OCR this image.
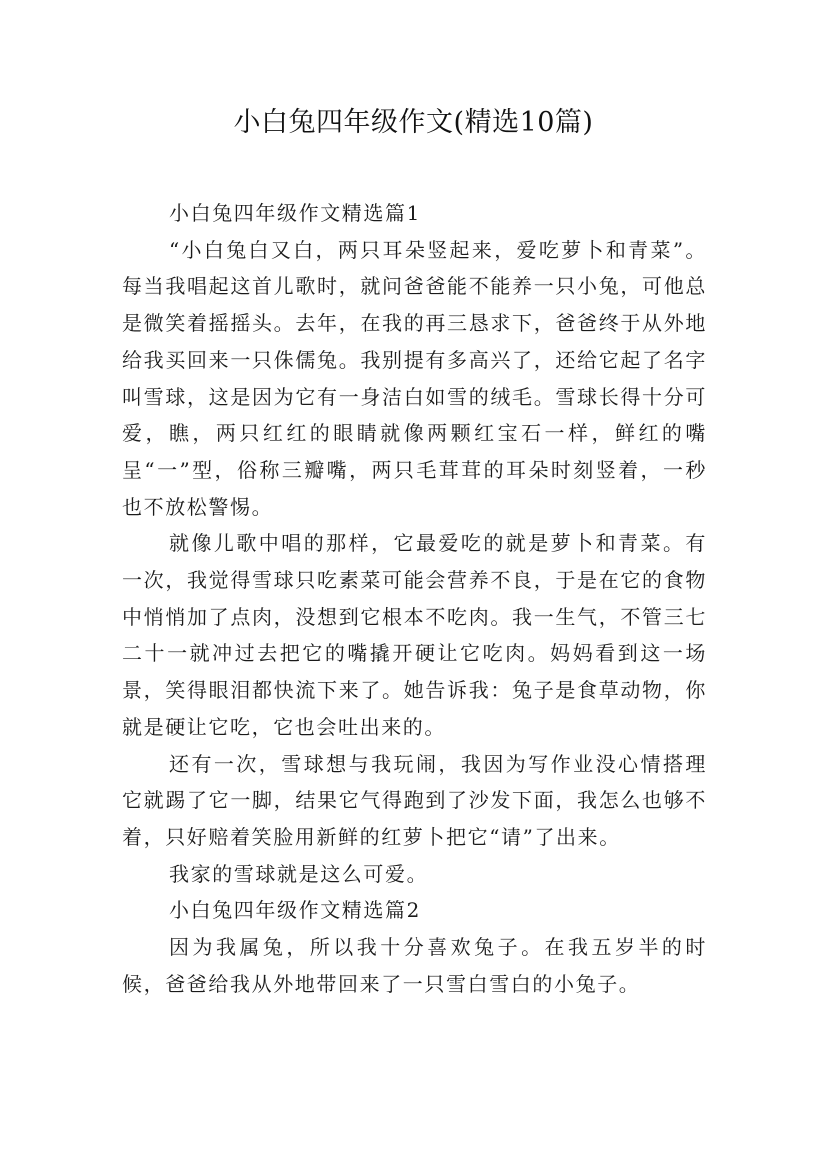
小白兔四年级作文(精选10篇)

小白兔四年级作文精选篇1

“小白兔白又白，两只耳朵竖起来，爱吃萝卜和青菜”。每当我唱起这首儿歌时，就问爸爸能不能养一只小兔，可他总是微笑着摇摇头。去年，在我的再三恳求下，爸爸终于从外地给我买回来一只侏儒兔。我别提有多高兴了，还给它起了名字叫雪球，这是因为它有一身洁白如雪的绒毛。雪球长得十分可爱，瞧，两只红红的眼睛就像两颗红宝石一样，鲜红的嘴呈“一”型，俗称三瓣嘴，两只毛茸茸的耳朵时刻竖着，一秒也不放松警惕。

就像儿歌中唱的那样，它最爱吃的就是萝卜和青菜。有一次，我觉得雪球只吃素菜可能会营养不良，于是在它的食物中悄悄加了点肉，没想到它根本不吃肉。我一生气，不管三七二十一就冲过去把它的嘴撬开硬让它吃肉。妈妈看到这一场景，笑得眼泪都快流下来了。她告诉我：兔子是食草动物，你就是硬让它吃，它也会吐出来的。

还有一次，雪球想与我玩闹，我因为写作业没心情搭理它就踢了它一脚，结果它气得跑到了沙发下面，我怎么也够不着，只好赔着笑脸用新鲜的红萝卜把它“请”了出来。

我家的雪球就是这么可爱。

小白兔四年级作文精选篇2

因为我属兔，所以我十分喜欢兔子。在我五岁半的时候，爸爸给我从外地带回来了一只雪白雪白的小兔子。
